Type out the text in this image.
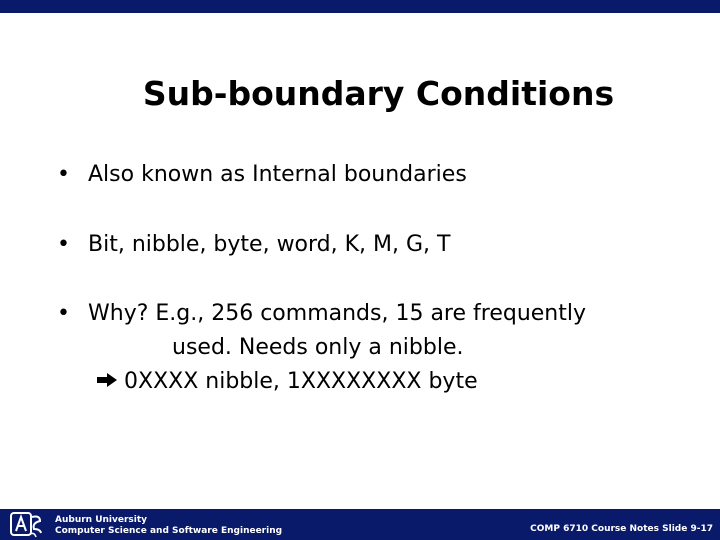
Sub-boundary Conditions
• Also known as Internal boundaries
• Bit, nibble, byte, word, K, M, G, T
• Why? E.g., 256 commands, 15 are frequently
used. Needs only a nibble.
0XXXX nibble, 1XXXXXXXX byte
Auburn University
Computer Science and Software Engineering	COMP 6710 Course Notes Slide 9-17
